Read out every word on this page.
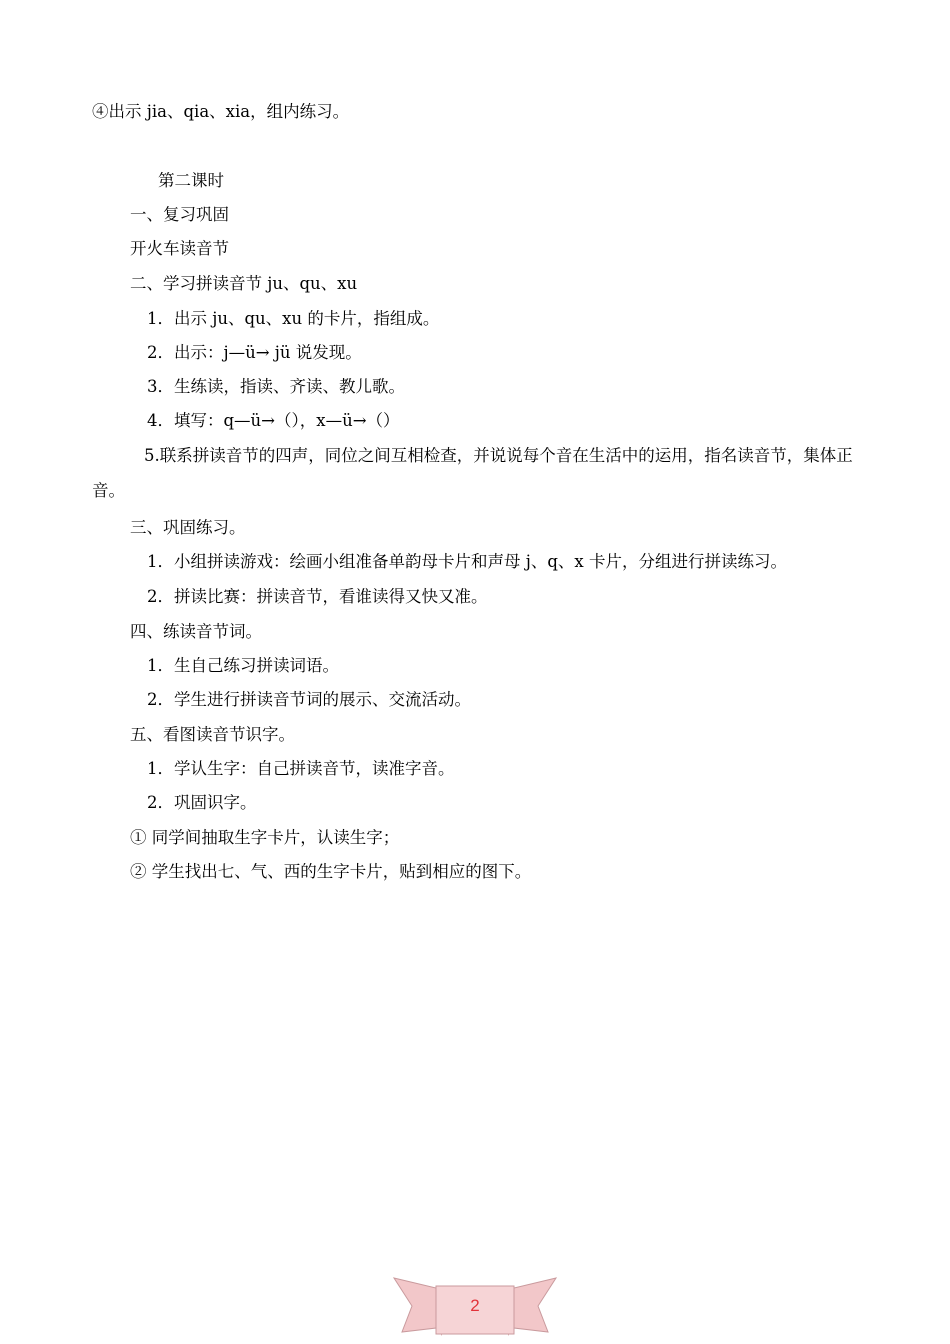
④出示 jia、qia、xia，组内练习。
第二课时
一、复习巩固
开火车读音节
二、学习拼读音节 ju、qu、xu
1．出示 ju、qu、xu 的卡片，指组成。
2．出示：j—ü→ jü 说发现。
3．生练读，指读、齐读、教儿歌。
4．填写：q—ü→（），x—ü→（）
5.联系拼读音节的四声，同位之间互相检查，并说说每个音在生活中的运用，指名读音节，集体正音。
三、巩固练习。
1．小组拼读游戏：绘画小组准备单韵母卡片和声母 j、q、x 卡片，分组进行拼读练习。
2．拼读比赛：拼读音节，看谁读得又快又准。
四、练读音节词。
1．生自己练习拼读词语。
2．学生进行拼读音节词的展示、交流活动。
五、看图读音节识字。
1．学认生字：自己拼读音节，读准字音。
2．巩固识字。
① 同学间抽取生字卡片，认读生字；
② 学生找出七、气、西的生字卡片，贴到相应的图下。
2
